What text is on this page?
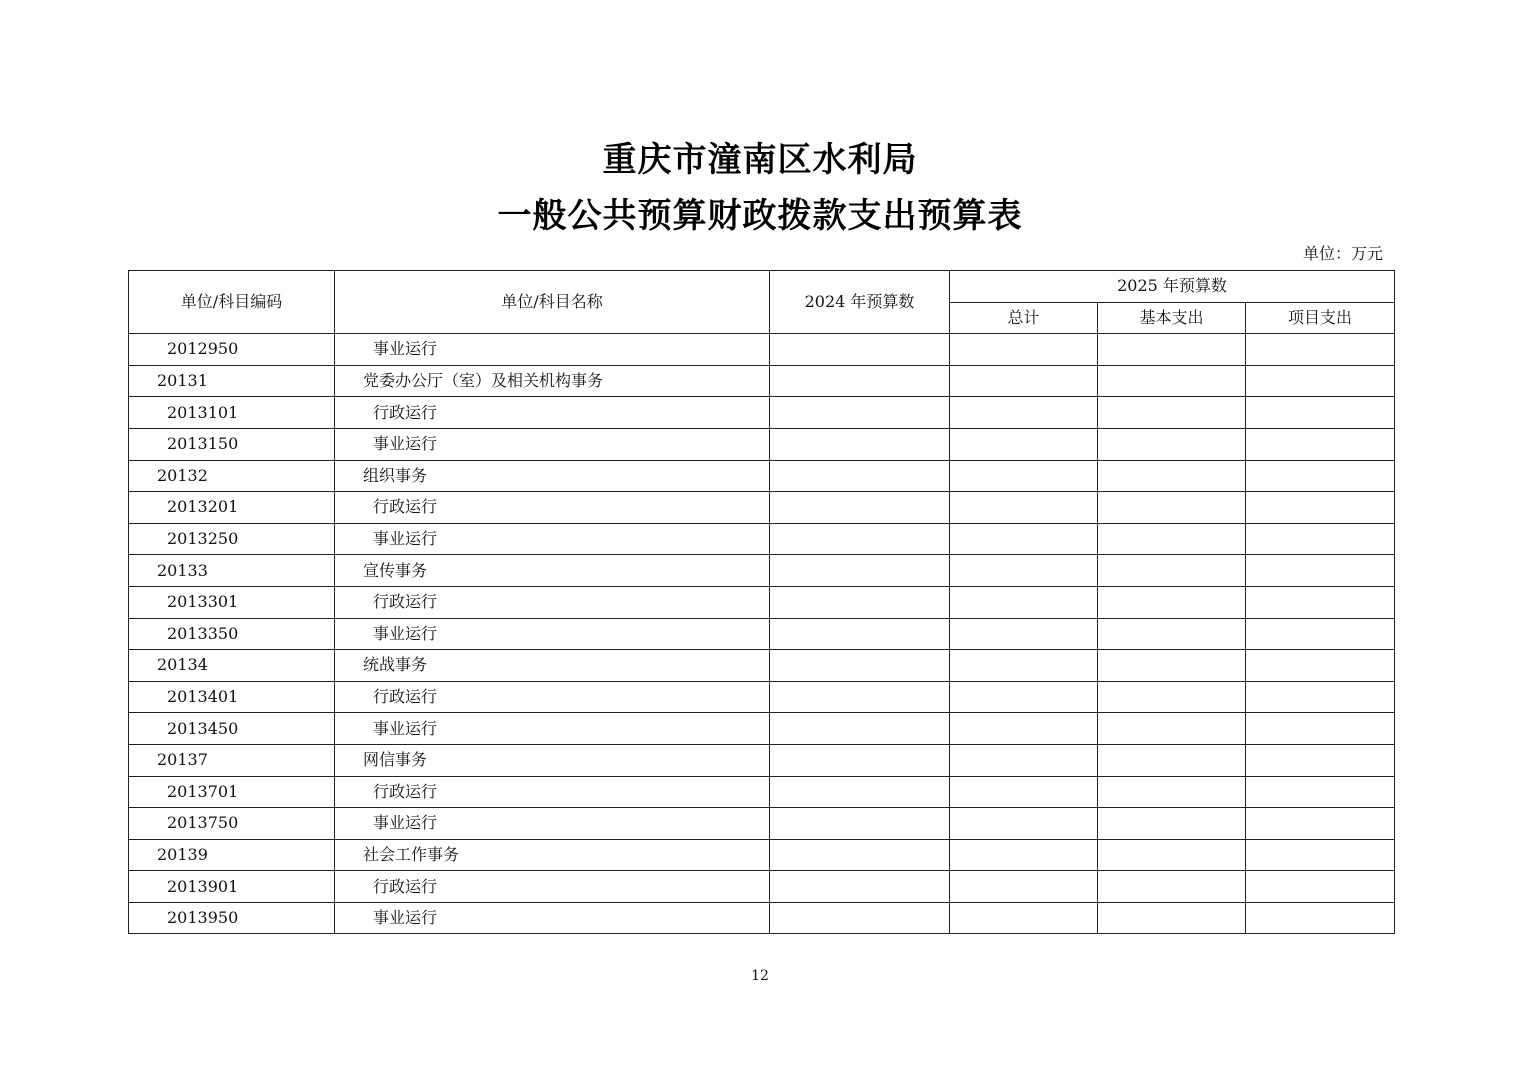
重庆市潼南区水利局
一般公共预算财政拨款支出预算表
单位：万元
单位/科目编码	单位/科目名称	2024 年预算数	2025 年预算数		
			总计	基本支出	项目支出
2012950	事业运行				
20131	党委办公厅（室）及相关机构事务				
2013101	行政运行				
2013150	事业运行				
20132	组织事务				
2013201	行政运行				
2013250	事业运行				
20133	宣传事务				
2013301	行政运行				
2013350	事业运行				
20134	统战事务				
2013401	行政运行				
2013450	事业运行				
20137	网信事务				
2013701	行政运行				
2013750	事业运行				
20139	社会工作事务				
2013901	行政运行				
2013950	事业运行				
12
